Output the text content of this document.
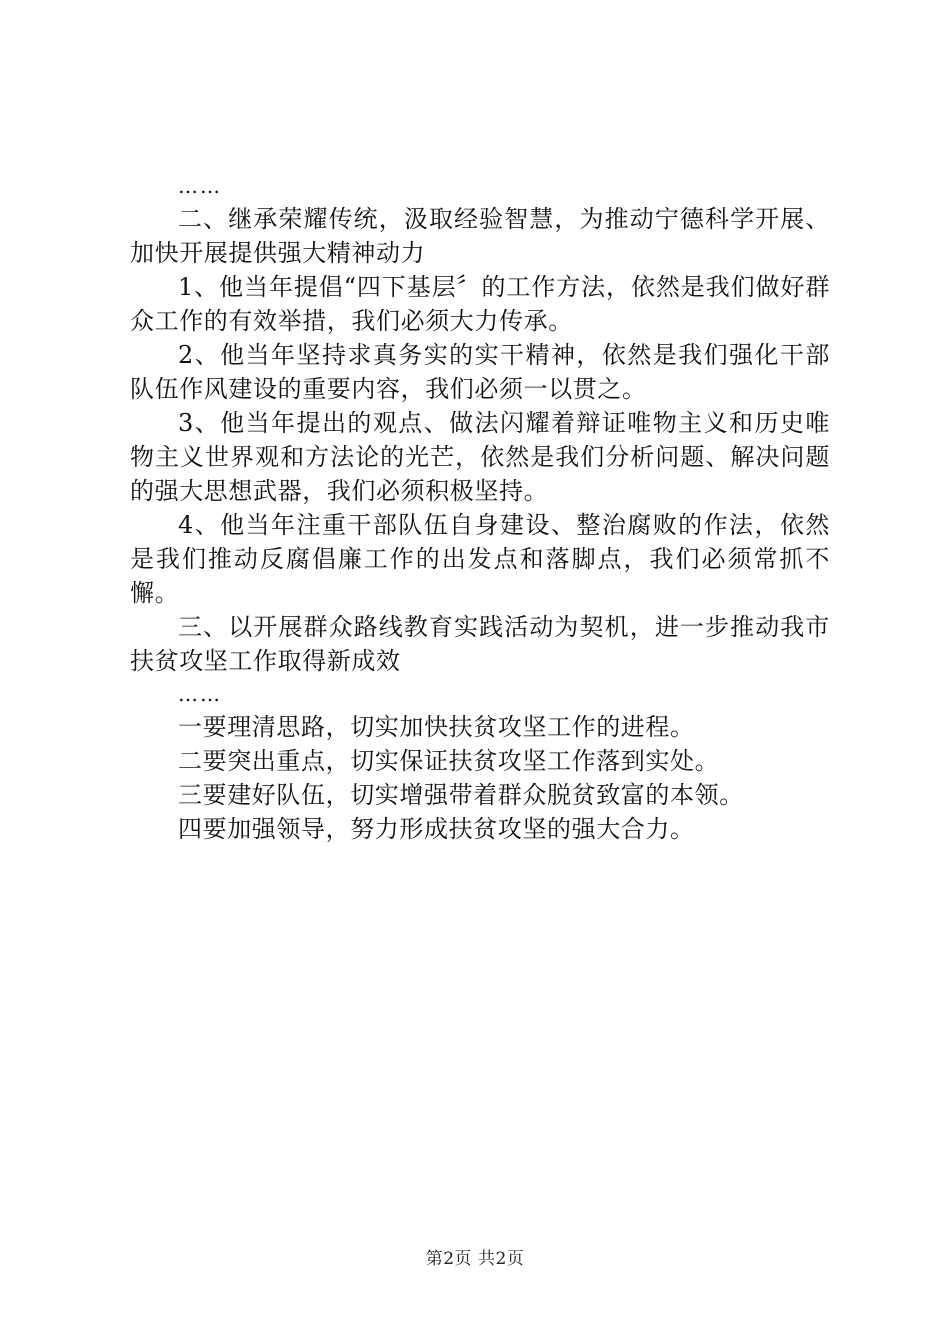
……

二、继承荣耀传统，汲取经验智慧，为推动宁德科学开展、加快开展提供强大精神动力

1、他当年提倡“四下基层〞的工作方法，依然是我们做好群众工作的有效举措，我们必须大力传承。

2、他当年坚持求真务实的实干精神，依然是我们强化干部队伍作风建设的重要内容，我们必须一以贯之。

3、他当年提出的观点、做法闪耀着辩证唯物主义和历史唯物主义世界观和方法论的光芒，依然是我们分析问题、解决问题的强大思想武器，我们必须积极坚持。

4、他当年注重干部队伍自身建设、整治腐败的作法，依然是我们推动反腐倡廉工作的出发点和落脚点，我们必须常抓不懈。

三、以开展群众路线教育实践活动为契机，进一步推动我市扶贫攻坚工作取得新成效

……

一要理清思路，切实加快扶贫攻坚工作的进程。

二要突出重点，切实保证扶贫攻坚工作落到实处。

三要建好队伍，切实增强带着群众脱贫致富的本领。

四要加强领导，努力形成扶贫攻坚的强大合力。

第2页 共2页
